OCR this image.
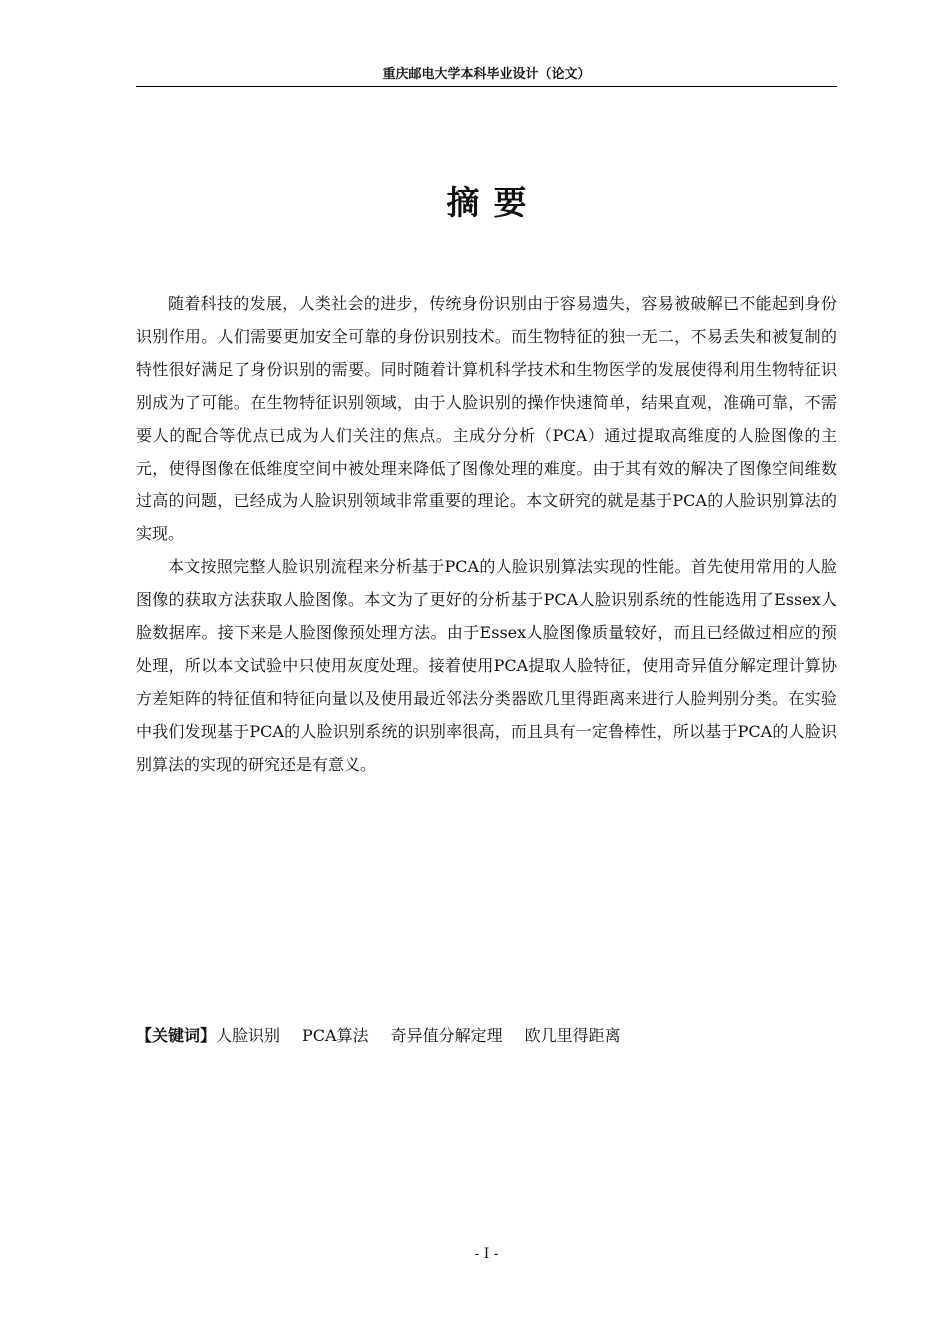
重庆邮电大学本科毕业设计（论文）
摘要

随着科技的发展，人类社会的进步，传统身份识别由于容易遗失，容易被破解已不能起到身份识别作用。人们需要更加安全可靠的身份识别技术。而生物特征的独一无二，不易丢失和被复制的特性很好满足了身份识别的需要。同时随着计算机科学技术和生物医学的发展使得利用生物特征识别成为了可能。在生物特征识别领域，由于人脸识别的操作快速简单，结果直观，准确可靠，不需要人的配合等优点已成为人们关注的焦点。主成分分析（PCA）通过提取高维度的人脸图像的主元，使得图像在低维度空间中被处理来降低了图像处理的难度。由于其有效的解决了图像空间维数过高的问题，已经成为人脸识别领域非常重要的理论。本文研究的就是基于PCA的人脸识别算法的实现。

本文按照完整人脸识别流程来分析基于PCA的人脸识别算法实现的性能。首先使用常用的人脸图像的获取方法获取人脸图像。本文为了更好的分析基于PCA人脸识别系统的性能选用了Essex人脸数据库。接下来是人脸图像预处理方法。由于Essex人脸图像质量较好，而且已经做过相应的预处理，所以本文试验中只使用灰度处理。接着使用PCA提取人脸特征，使用奇异值分解定理计算协方差矩阵的特征值和特征向量以及使用最近邻法分类器欧几里得距离来进行人脸判别分类。在实验中我们发现基于PCA的人脸识别系统的识别率很高，而且具有一定鲁棒性，所以基于PCA的人脸识别算法的实现的研究还是有意义。

【关键词】人脸识别 PCA算法 奇异值分解定理 欧几里得距离
- I -
